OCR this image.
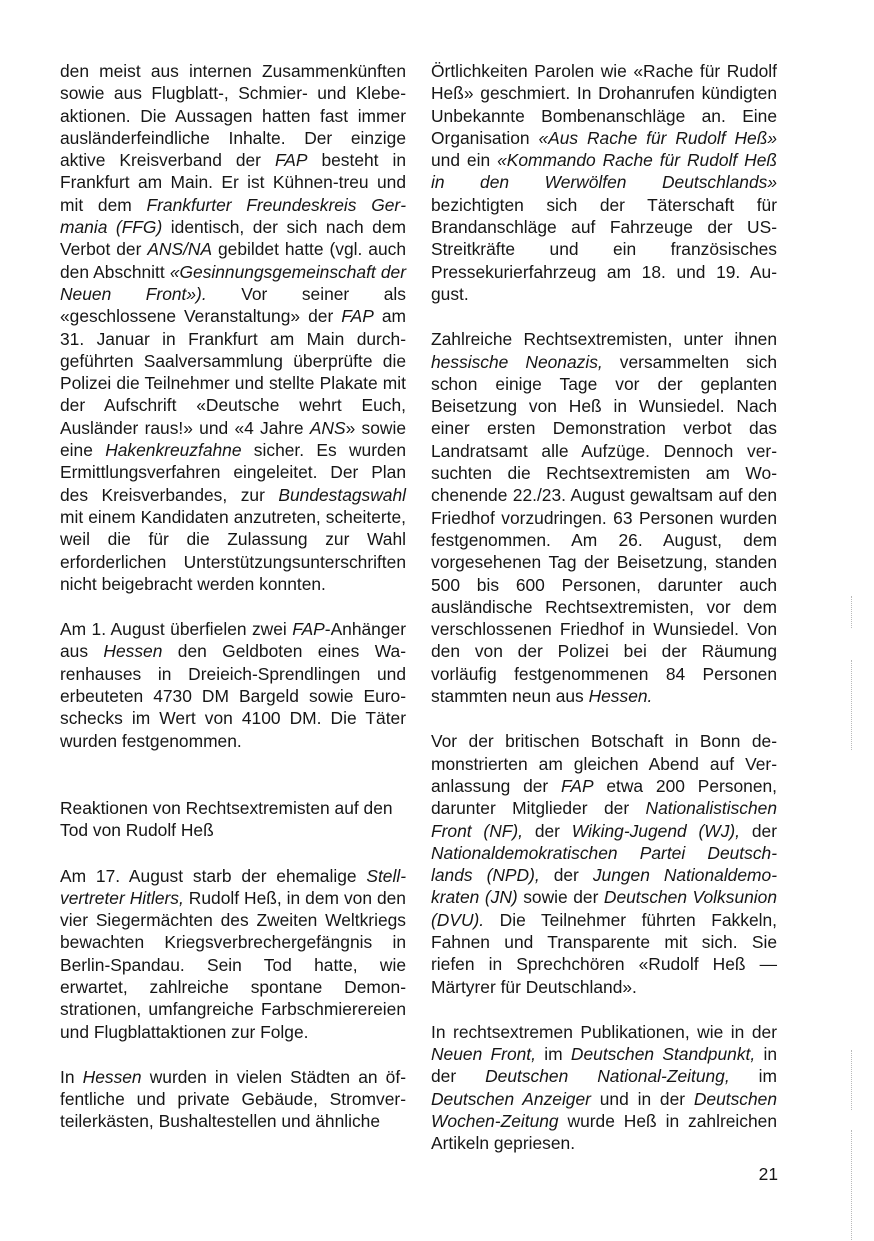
den meist aus internen Zusammenkünften sowie aus Flugblatt-, Schmier- und Klebeaktionen. Die Aussagen hatten fast immer ausländerfeindliche Inhalte. Der einzige aktive Kreisverband der FAP besteht in Frankfurt am Main. Er ist Kühnen-treu und mit dem Frankfurter Freundeskreis Germania (FFG) identisch, der sich nach dem Verbot der ANS/NA gebildet hatte (vgl. auch den Abschnitt «Gesinnungsgemeinschaft der Neuen Front»). Vor seiner als «geschlossene Veranstaltung» der FAP am 31. Januar in Frankfurt am Main durchgeführten Saalversammlung überprüfte die Polizei die Teilnehmer und stellte Plakate mit der Aufschrift «Deutsche wehrt Euch, Ausländer raus!» und «4 Jahre ANS» sowie eine Hakenkreuzfahne sicher. Es wurden Ermittlungsverfahren eingeleitet. Der Plan des Kreisverbandes, zur Bundestagswahl mit einem Kandidaten anzutreten, scheiterte, weil die für die Zulassung zur Wahl erforderlichen Unterstützungsunterschriften nicht beigebracht werden konnten.

Am 1. August überfielen zwei FAP-Anhänger aus Hessen den Geldboten eines Warenhauses in Dreieich-Sprendlingen und erbeuteten 4730 DM Bargeld sowie Euroschecks im Wert von 4100 DM. Die Täter wurden festgenommen.

Reaktionen von Rechtsextremisten auf den Tod von Rudolf Heß

Am 17. August starb der ehemalige Stellvertreter Hitlers, Rudolf Heß, in dem von den vier Siegermächten des Zweiten Weltkriegs bewachten Kriegsverbrechergefängnis in Berlin-Spandau. Sein Tod hatte, wie erwartet, zahlreiche spontane Demonstrationen, umfangreiche Farbschmierereien und Flugblattaktionen zur Folge.

In Hessen wurden in vielen Städten an öffentliche und private Gebäude, Stromverteilerkästen, Bushaltestellen und ähnliche

Örtlichkeiten Parolen wie «Rache für Rudolf Heß» geschmiert. In Drohanrufen kündigten Unbekannte Bombenanschläge an. Eine Organisation «Aus Rache für Rudolf Heß» und ein «Kommando Rache für Rudolf Heß in den Werwölfen Deutschlands» bezichtigten sich der Täterschaft für Brandanschläge auf Fahrzeuge der US-Streitkräfte und ein französisches Pressekurierfahrzeug am 18. und 19. August.

Zahlreiche Rechtsextremisten, unter ihnen hessische Neonazis, versammelten sich schon einige Tage vor der geplanten Beisetzung von Heß in Wunsiedel. Nach einer ersten Demonstration verbot das Landratsamt alle Aufzüge. Dennoch versuchten die Rechtsextremisten am Wochenende 22./23. August gewaltsam auf den Friedhof vorzudringen. 63 Personen wurden festgenommen. Am 26. August, dem vorgesehenen Tag der Beisetzung, standen 500 bis 600 Personen, darunter auch ausländische Rechtsextremisten, vor dem verschlossenen Friedhof in Wunsiedel. Von den von der Polizei bei der Räumung vorläufig festgenommenen 84 Personen stammten neun aus Hessen.

Vor der britischen Botschaft in Bonn demonstrierten am gleichen Abend auf Veranlassung der FAP etwa 200 Personen, darunter Mitglieder der Nationalistischen Front (NF), der Wiking-Jugend (WJ), der Nationaldemokratischen Partei Deutschlands (NPD), der Jungen Nationaldemokraten (JN) sowie der Deutschen Volksunion (DVU). Die Teilnehmer führten Fakkeln, Fahnen und Transparente mit sich. Sie riefen in Sprechchören «Rudolf Heß — Märtyrer für Deutschland».

In rechtsextremen Publikationen, wie in der Neuen Front, im Deutschen Standpunkt, in der Deutschen National-Zeitung, im Deutschen Anzeiger und in der Deutschen Wochen-Zeitung wurde Heß in zahlreichen Artikeln gepriesen.

21
